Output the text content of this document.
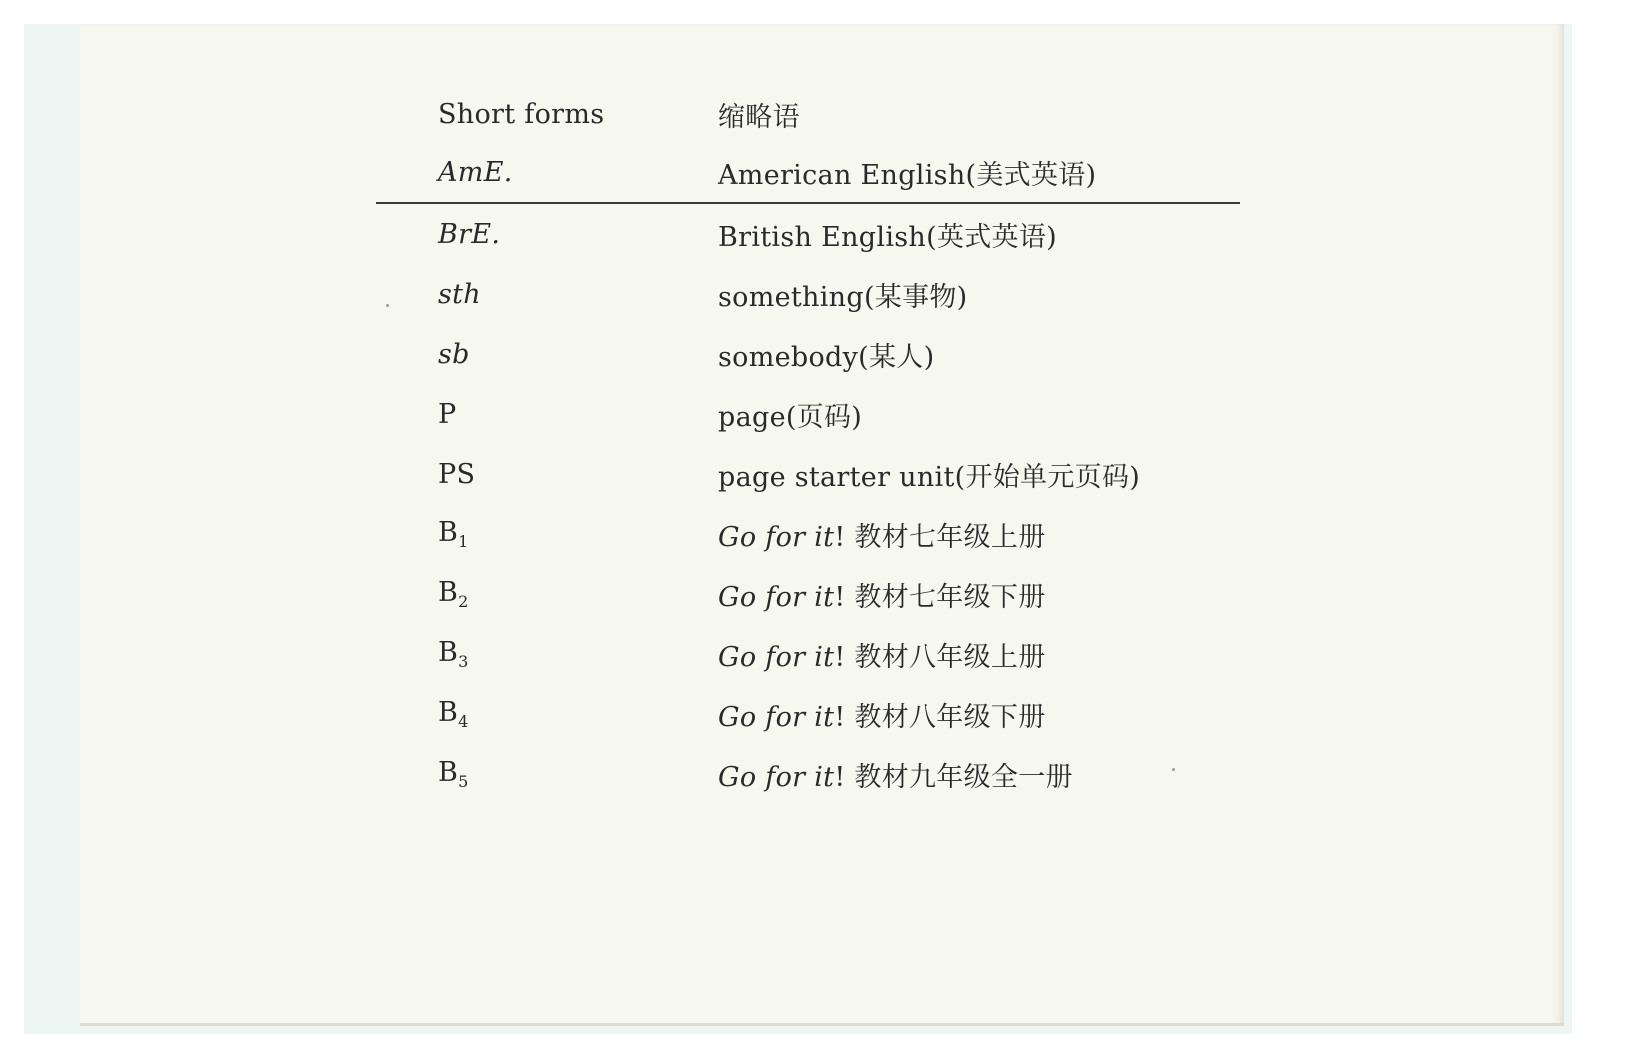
Short forms	缩略语
AmE.	American English(美式英语)
BrE.	British English(英式英语)
sth	something(某事物)
sb	somebody(某人)
P	page(页码)
PS	page starter unit(开始单元页码)
$B_1$	Go for it! 教材七年级上册
$B_2$	Go for it! 教材七年级下册
$B_3$	Go for it! 教材八年级上册
$B_4$	Go for it! 教材八年级下册
$B_5$	Go for it! 教材九年级全一册
